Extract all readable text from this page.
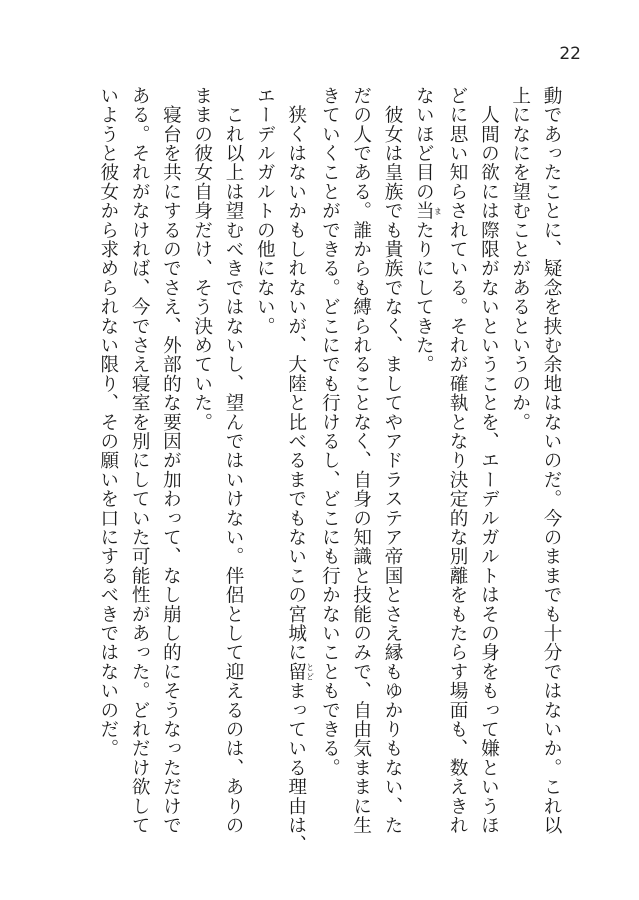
22
動であったことに、疑念を挟む余地はないのだ。今のままでも十分ではないか。これ以
上になにを望むことがあるというのか。
　人間の欲には際限がないということを、エーデルガルトはその身をもって嫌というほ
どに思い知らされている。それが確執となり決定的な別離をもたらす場面も、数えきれ
ないほど目の当 またりにしてきた。
　彼女は皇族でも貴族でなく、ましてやアドラステア帝国とさえ縁もゆかりもない、た
だの人である。誰からも縛られることなく、自身の知識と技能のみで、自由気ままに生
きていくことができる。どこにでも行けるし、どこにも行かないこともできる。
　狭くはないかもしれないが、大陸と比べるまでもないこの宮城に留 とどまっている理由は、
エーデルガルトの他にない。
　これ以上は望むべきではないし、望んではいけない。伴侶として迎えるのは、ありの
ままの彼女自身だけ、そう決めていた。
　寝台を共にするのでさえ、外部的な要因が加わって、なし崩し的にそうなっただけで
ある。それがなければ、今でさえ寝室を別にしていた可能性があった。どれだけ欲して
いようと彼女から求められない限り、その願いを口にするべきではないのだ。
